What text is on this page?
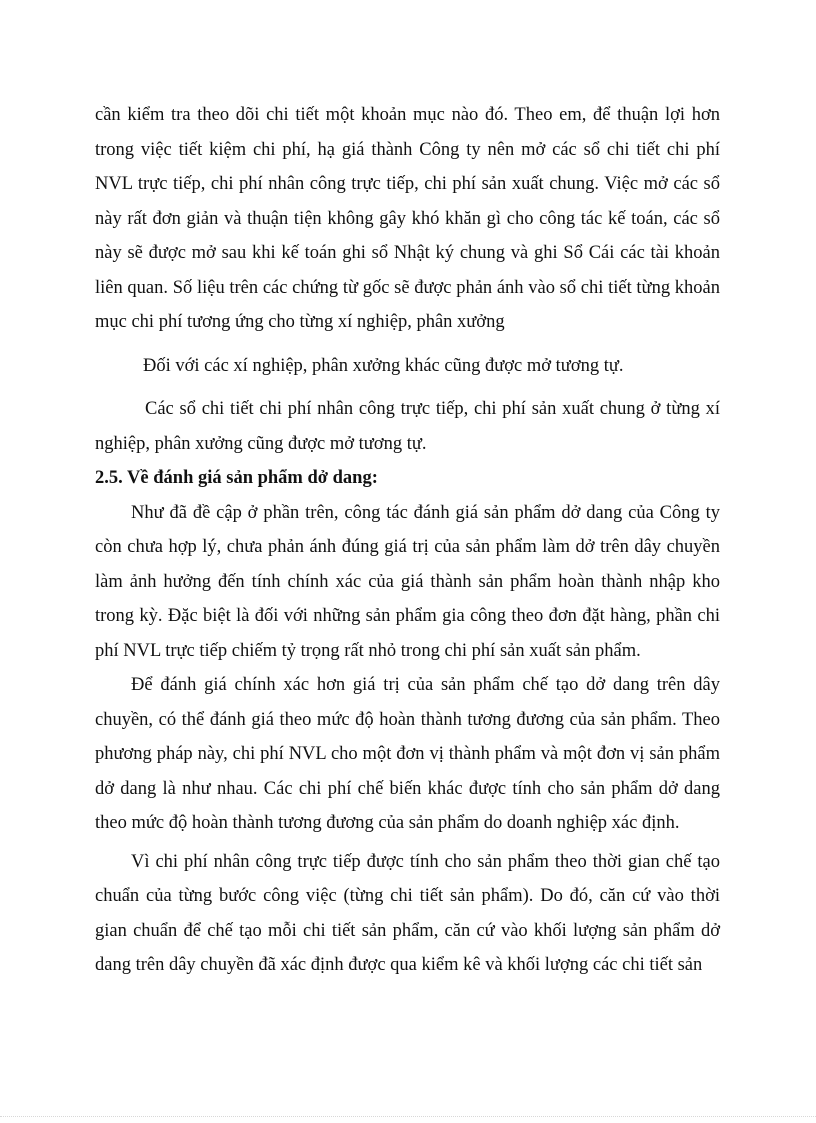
cần kiểm tra theo dõi chi tiết một khoản mục nào đó. Theo em, để thuận lợi hơn trong việc tiết kiệm chi phí, hạ giá thành Công ty nên mở các sổ chi tiết chi phí NVL trực tiếp, chi phí nhân công trực tiếp, chi phí sản xuất chung. Việc mở các sổ này rất đơn giản và thuận tiện không gây khó khăn gì cho công tác kế toán, các sổ này sẽ được mở sau khi kế toán ghi sổ Nhật ký chung và ghi Sổ Cái các tài khoản liên quan. Số liệu trên các chứng từ gốc sẽ được phản ánh vào sổ chi tiết từng khoản mục chi phí tương ứng cho từng xí nghiệp, phân xưởng

Đối với các xí nghiệp, phân xưởng khác cũng được mở tương tự.

Các sổ chi tiết chi phí nhân công trực tiếp, chi phí sản xuất chung ở từng xí nghiệp, phân xưởng cũng được mở tương tự.

2.5. Về đánh giá sản phẩm dở dang:

Như đã đề cập ở phần trên, công tác đánh giá sản phẩm dở dang của Công ty còn chưa hợp lý, chưa phản ánh đúng giá trị của sản phẩm làm dở trên dây chuyền làm ảnh hưởng đến tính chính xác của giá thành sản phẩm hoàn thành nhập kho trong kỳ. Đặc biệt là đối với những sản phẩm gia công theo đơn đặt hàng, phần chi phí NVL trực tiếp chiếm tỷ trọng rất nhỏ trong chi phí sản xuất sản phẩm.

Để đánh giá chính xác hơn giá trị của sản phẩm chế tạo dở dang trên dây chuyền, có thể đánh giá theo mức độ hoàn thành tương đương của sản phẩm. Theo phương pháp này, chi phí NVL cho một đơn vị thành phẩm và một đơn vị sản phẩm dở dang là như nhau. Các chi phí chế biến khác được tính cho sản phẩm dở dang theo mức độ hoàn thành tương đương của sản phẩm do doanh nghiệp xác định.

Vì chi phí nhân công trực tiếp được tính cho sản phẩm theo thời gian chế tạo chuẩn của từng bước công việc (từng chi tiết sản phẩm). Do đó, căn cứ vào thời gian chuẩn để chế tạo mỗi chi tiết sản phẩm, căn cứ vào khối lượng sản phẩm dở dang trên dây chuyền đã xác định được qua kiểm kê và khối lượng các chi tiết sản
